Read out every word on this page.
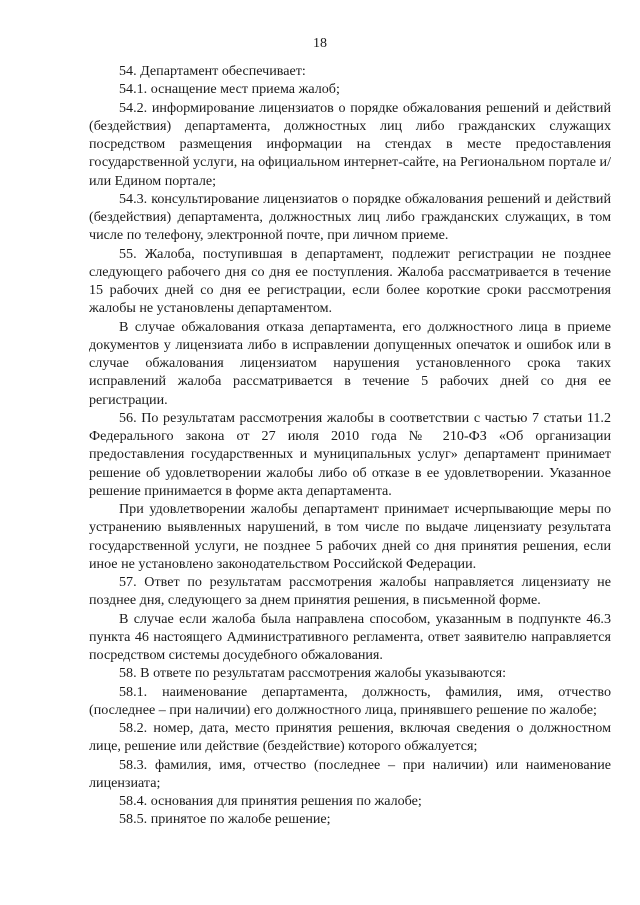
18

54. Департамент обеспечивает:

54.1. оснащение мест приема жалоб;

54.2. информирование лицензиатов о порядке обжалования решений и действий (бездействия) департамента, должностных лиц либо гражданских служащих посредством размещения информации на стендах в месте предоставления государственной услуги, на официальном интернет-сайте, на Региональном портале и/или Едином портале;

54.3. консультирование лицензиатов о порядке обжалования решений и действий (бездействия) департамента, должностных лиц либо гражданских служащих, в том числе по телефону, электронной почте, при личном приеме.

55. Жалоба, поступившая в департамент, подлежит регистрации не позднее следующего рабочего дня со дня ее поступления. Жалоба рассматривается в течение 15 рабочих дней со дня ее регистрации, если более короткие сроки рассмотрения жалобы не установлены департаментом.

В случае обжалования отказа департамента, его должностного лица в приеме документов у лицензиата либо в исправлении допущенных опечаток и ошибок или в случае обжалования лицензиатом нарушения установленного срока таких исправлений жалоба рассматривается в течение 5 рабочих дней со дня ее регистрации.

56. По результатам рассмотрения жалобы в соответствии с частью 7 статьи 11.2 Федерального закона от 27 июля 2010 года № 210-ФЗ «Об организации предоставления государственных и муниципальных услуг» департамент принимает решение об удовлетворении жалобы либо об отказе в ее удовлетворении. Указанное решение принимается в форме акта департамента.

При удовлетворении жалобы департамент принимает исчерпывающие меры по устранению выявленных нарушений, в том числе по выдаче лицензиату результата государственной услуги, не позднее 5 рабочих дней со дня принятия решения, если иное не установлено законодательством Российской Федерации.

57. Ответ по результатам рассмотрения жалобы направляется лицензиату не позднее дня, следующего за днем принятия решения, в письменной форме.

В случае если жалоба была направлена способом, указанным в подпункте 46.3 пункта 46 настоящего Административного регламента, ответ заявителю направляется посредством системы досудебного обжалования.

58. В ответе по результатам рассмотрения жалобы указываются:

58.1. наименование департамента, должность, фамилия, имя, отчество (последнее – при наличии) его должностного лица, принявшего решение по жалобе;

58.2. номер, дата, место принятия решения, включая сведения о должностном лице, решение или действие (бездействие) которого обжалуется;

58.3. фамилия, имя, отчество (последнее – при наличии) или наименование лицензиата;

58.4. основания для принятия решения по жалобе;

58.5. принятое по жалобе решение;
